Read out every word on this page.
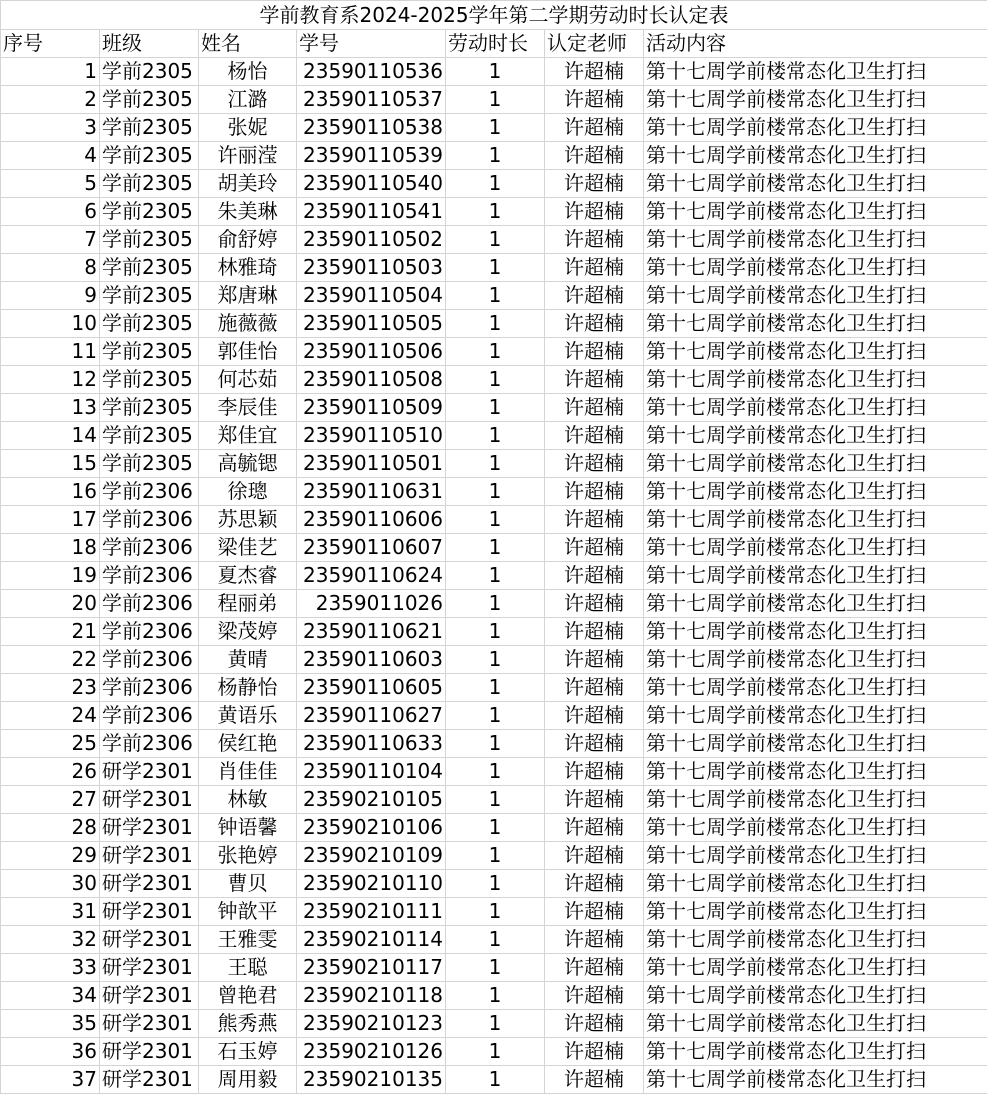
学前教育系2024-2025学年第二学期劳动时长认定表						
序号	班级	姓名	学号	劳动时长	认定老师	活动内容
1	学前2305	杨怡	23590110536	1	许超楠	第十七周学前楼常态化卫生打扫
2	学前2305	江潞	23590110537	1	许超楠	第十七周学前楼常态化卫生打扫
3	学前2305	张妮	23590110538	1	许超楠	第十七周学前楼常态化卫生打扫
4	学前2305	许丽滢	23590110539	1	许超楠	第十七周学前楼常态化卫生打扫
5	学前2305	胡美玲	23590110540	1	许超楠	第十七周学前楼常态化卫生打扫
6	学前2305	朱美琳	23590110541	1	许超楠	第十七周学前楼常态化卫生打扫
7	学前2305	俞舒婷	23590110502	1	许超楠	第十七周学前楼常态化卫生打扫
8	学前2305	林雅琦	23590110503	1	许超楠	第十七周学前楼常态化卫生打扫
9	学前2305	郑唐琳	23590110504	1	许超楠	第十七周学前楼常态化卫生打扫
10	学前2305	施薇薇	23590110505	1	许超楠	第十七周学前楼常态化卫生打扫
11	学前2305	郭佳怡	23590110506	1	许超楠	第十七周学前楼常态化卫生打扫
12	学前2305	何芯茹	23590110508	1	许超楠	第十七周学前楼常态化卫生打扫
13	学前2305	李辰佳	23590110509	1	许超楠	第十七周学前楼常态化卫生打扫
14	学前2305	郑佳宜	23590110510	1	许超楠	第十七周学前楼常态化卫生打扫
15	学前2305	高毓锶	23590110501	1	许超楠	第十七周学前楼常态化卫生打扫
16	学前2306	徐璁	23590110631	1	许超楠	第十七周学前楼常态化卫生打扫
17	学前2306	苏思颖	23590110606	1	许超楠	第十七周学前楼常态化卫生打扫
18	学前2306	梁佳艺	23590110607	1	许超楠	第十七周学前楼常态化卫生打扫
19	学前2306	夏杰睿	23590110624	1	许超楠	第十七周学前楼常态化卫生打扫
20	学前2306	程丽弟	2359011026	1	许超楠	第十七周学前楼常态化卫生打扫
21	学前2306	梁茂婷	23590110621	1	许超楠	第十七周学前楼常态化卫生打扫
22	学前2306	黄晴	23590110603	1	许超楠	第十七周学前楼常态化卫生打扫
23	学前2306	杨静怡	23590110605	1	许超楠	第十七周学前楼常态化卫生打扫
24	学前2306	黄语乐	23590110627	1	许超楠	第十七周学前楼常态化卫生打扫
25	学前2306	侯红艳	23590110633	1	许超楠	第十七周学前楼常态化卫生打扫
26	研学2301	肖佳佳	23590110104	1	许超楠	第十七周学前楼常态化卫生打扫
27	研学2301	林敏	23590210105	1	许超楠	第十七周学前楼常态化卫生打扫
28	研学2301	钟语馨	23590210106	1	许超楠	第十七周学前楼常态化卫生打扫
29	研学2301	张艳婷	23590210109	1	许超楠	第十七周学前楼常态化卫生打扫
30	研学2301	曹贝	23590210110	1	许超楠	第十七周学前楼常态化卫生打扫
31	研学2301	钟歆平	23590210111	1	许超楠	第十七周学前楼常态化卫生打扫
32	研学2301	王雅雯	23590210114	1	许超楠	第十七周学前楼常态化卫生打扫
33	研学2301	王聪	23590210117	1	许超楠	第十七周学前楼常态化卫生打扫
34	研学2301	曾艳君	23590210118	1	许超楠	第十七周学前楼常态化卫生打扫
35	研学2301	熊秀燕	23590210123	1	许超楠	第十七周学前楼常态化卫生打扫
36	研学2301	石玉婷	23590210126	1	许超楠	第十七周学前楼常态化卫生打扫
37	研学2301	周用毅	23590210135	1	许超楠	第十七周学前楼常态化卫生打扫
